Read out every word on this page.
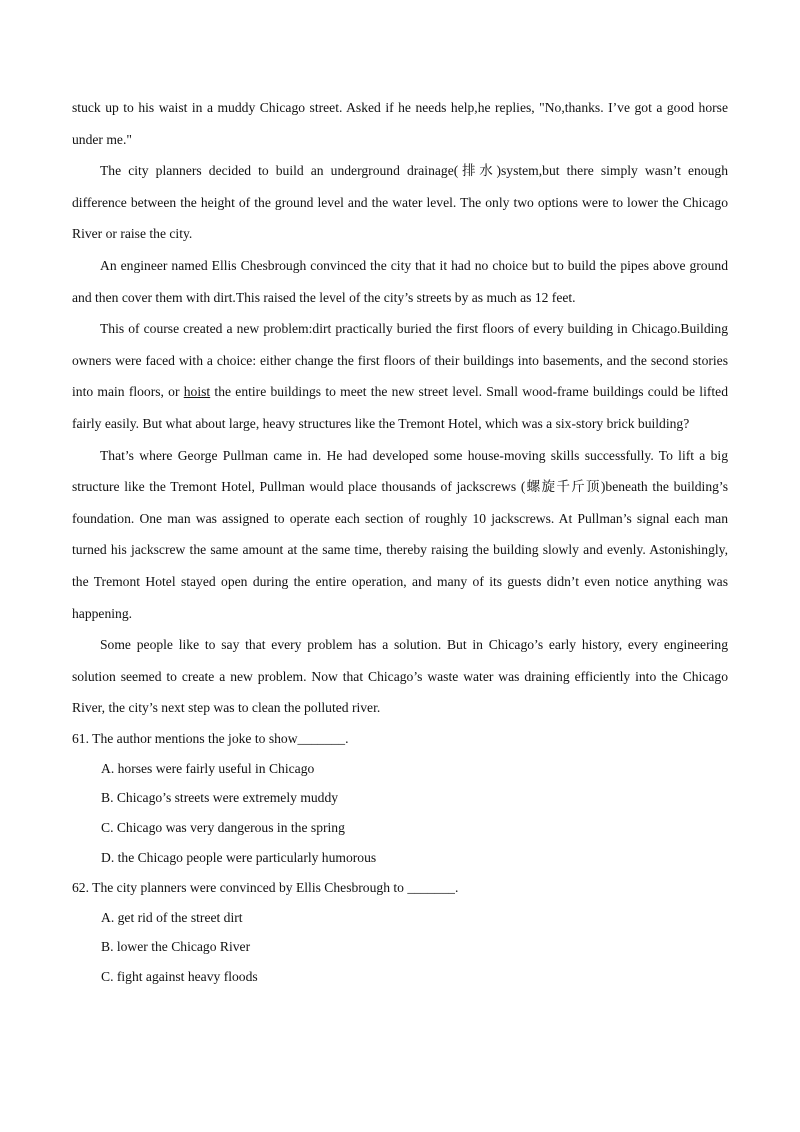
stuck up to his waist in a muddy Chicago street. Asked if he needs help,he replies, "No,thanks. I’ve got a good horse under me."

The city planners decided to build an underground drainage(排水)system,but there simply wasn’t enough difference between the height of the ground level and the water level. The only two options were to lower the Chicago River or raise the city.

An engineer named Ellis Chesbrough convinced the city that it had no choice but to build the pipes above ground and then cover them with dirt.This raised the level of the city’s streets by as much as 12 feet.

This of course created a new problem:dirt practically buried the first floors of every building in Chicago.Building owners were faced with a choice: either change the first floors of their buildings into basements, and the second stories into main floors, or hoist the entire buildings to meet the new street level. Small wood-frame buildings could be lifted fairly easily. But what about large, heavy structures like the Tremont Hotel, which was a six-story brick building?

That’s where George Pullman came in. He had developed some house-moving skills successfully. To lift a big structure like the Tremont Hotel, Pullman would place thousands of jackscrews (螺旋千斤顶)beneath the building’s foundation. One man was assigned to operate each section of roughly 10 jackscrews. At Pullman’s signal each man turned his jackscrew the same amount at the same time, thereby raising the building slowly and evenly. Astonishingly, the Tremont Hotel stayed open during the entire operation, and many of its guests didn’t even notice anything was happening.

Some people like to say that every problem has a solution. But in Chicago’s early history, every engineering solution seemed to create a new problem. Now that Chicago’s waste water was draining efficiently into the Chicago River, the city’s next step was to clean the polluted river.

61. The author mentions the joke to show_______.

A. horses were fairly useful in Chicago

B. Chicago’s streets were extremely muddy

C. Chicago was very dangerous in the spring

D. the Chicago people were particularly humorous

62. The city planners were convinced by Ellis Chesbrough to _______.

A. get rid of the street dirt

B. lower the Chicago River

C. fight against heavy floods
